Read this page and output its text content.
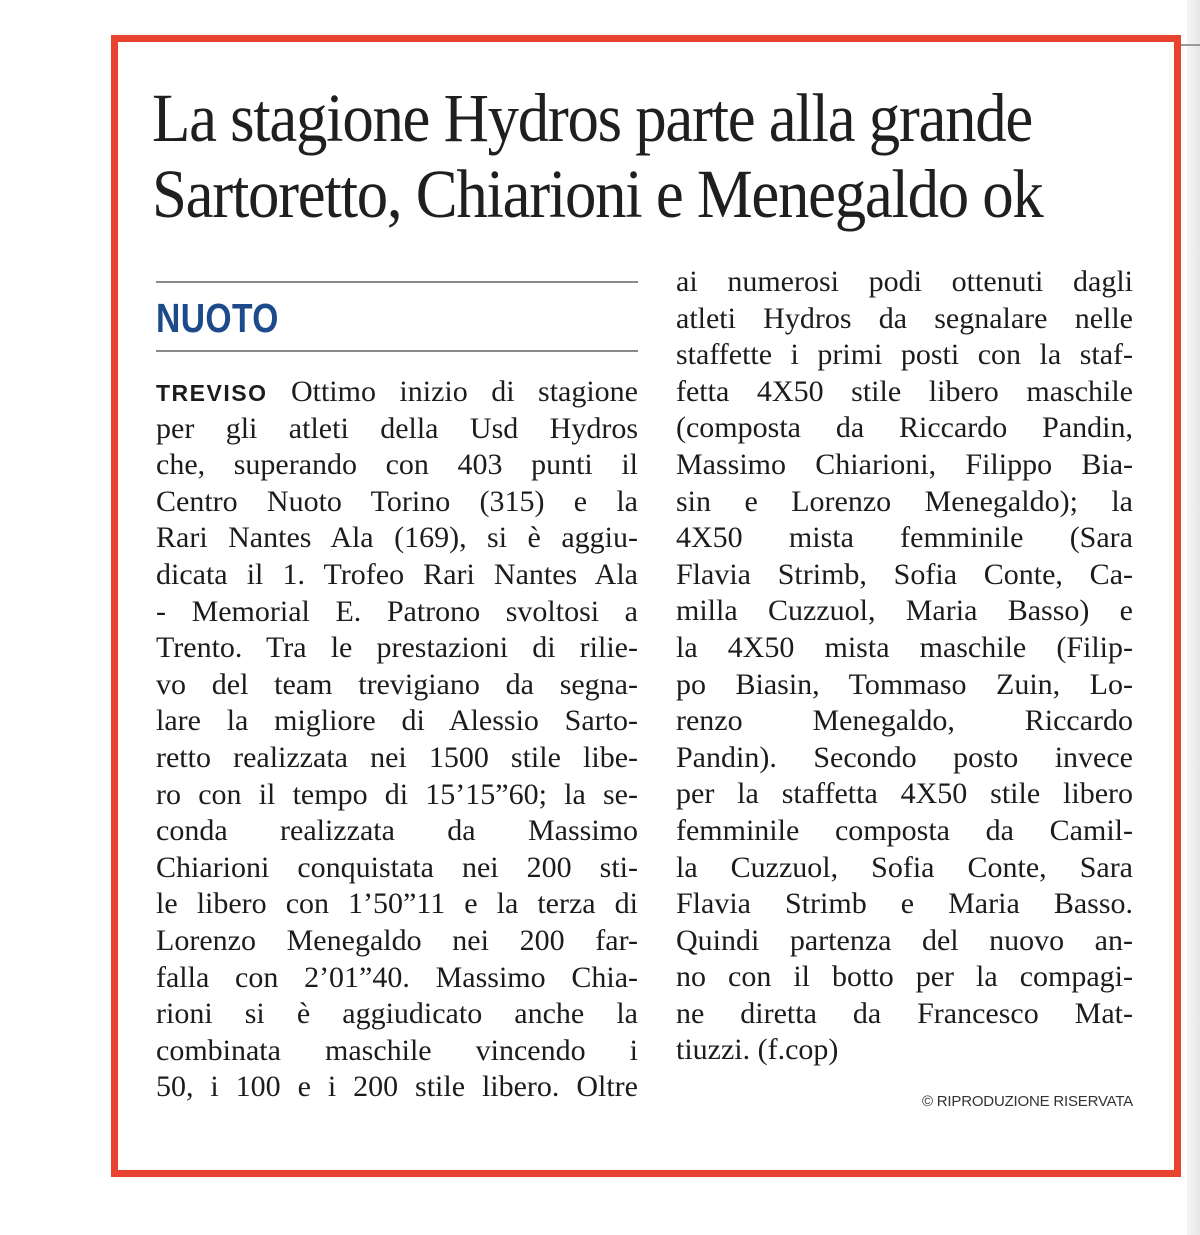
La stagione Hydros parte alla grande
Sartoretto, Chiarioni e Menegaldo ok
NUOTO
TREVISO Ottimo inizio di stagione
per gli atleti della Usd Hydros
che, superando con 403 punti il
Centro Nuoto Torino (315) e la
Rari Nantes Ala (169), si è aggiu-
dicata il 1. Trofeo Rari Nantes Ala
- Memorial E. Patrono svoltosi a
Trento. Tra le prestazioni di rilie-
vo del team trevigiano da segna-
lare la migliore di Alessio Sarto-
retto realizzata nei 1500 stile libe-
ro con il tempo di 15’15”60; la se-
conda realizzata da Massimo
Chiarioni conquistata nei 200 sti-
le libero con 1’50”11 e la terza di
Lorenzo Menegaldo nei 200 far-
falla con 2’01”40. Massimo Chia-
rioni si è aggiudicato anche la
combinata maschile vincendo i
50, i 100 e i 200 stile libero. Oltre
ai numerosi podi ottenuti dagli
atleti Hydros da segnalare nelle
staffette i primi posti con la staf-
fetta 4X50 stile libero maschile
(composta da Riccardo Pandin,
Massimo Chiarioni, Filippo Bia-
sin e Lorenzo Menegaldo); la
4X50 mista femminile (Sara
Flavia Strimb, Sofia Conte, Ca-
milla Cuzzuol, Maria Basso) e
la 4X50 mista maschile (Filip-
po Biasin, Tommaso Zuin, Lo-
renzo Menegaldo, Riccardo
Pandin). Secondo posto invece
per la staffetta 4X50 stile libero
femminile composta da Camil-
la Cuzzuol, Sofia Conte, Sara
Flavia Strimb e Maria Basso.
Quindi partenza del nuovo an-
no con il botto per la compagi-
ne diretta da Francesco Mat-
tiuzzi. (f.cop)
© RIPRODUZIONE RISERVATA
